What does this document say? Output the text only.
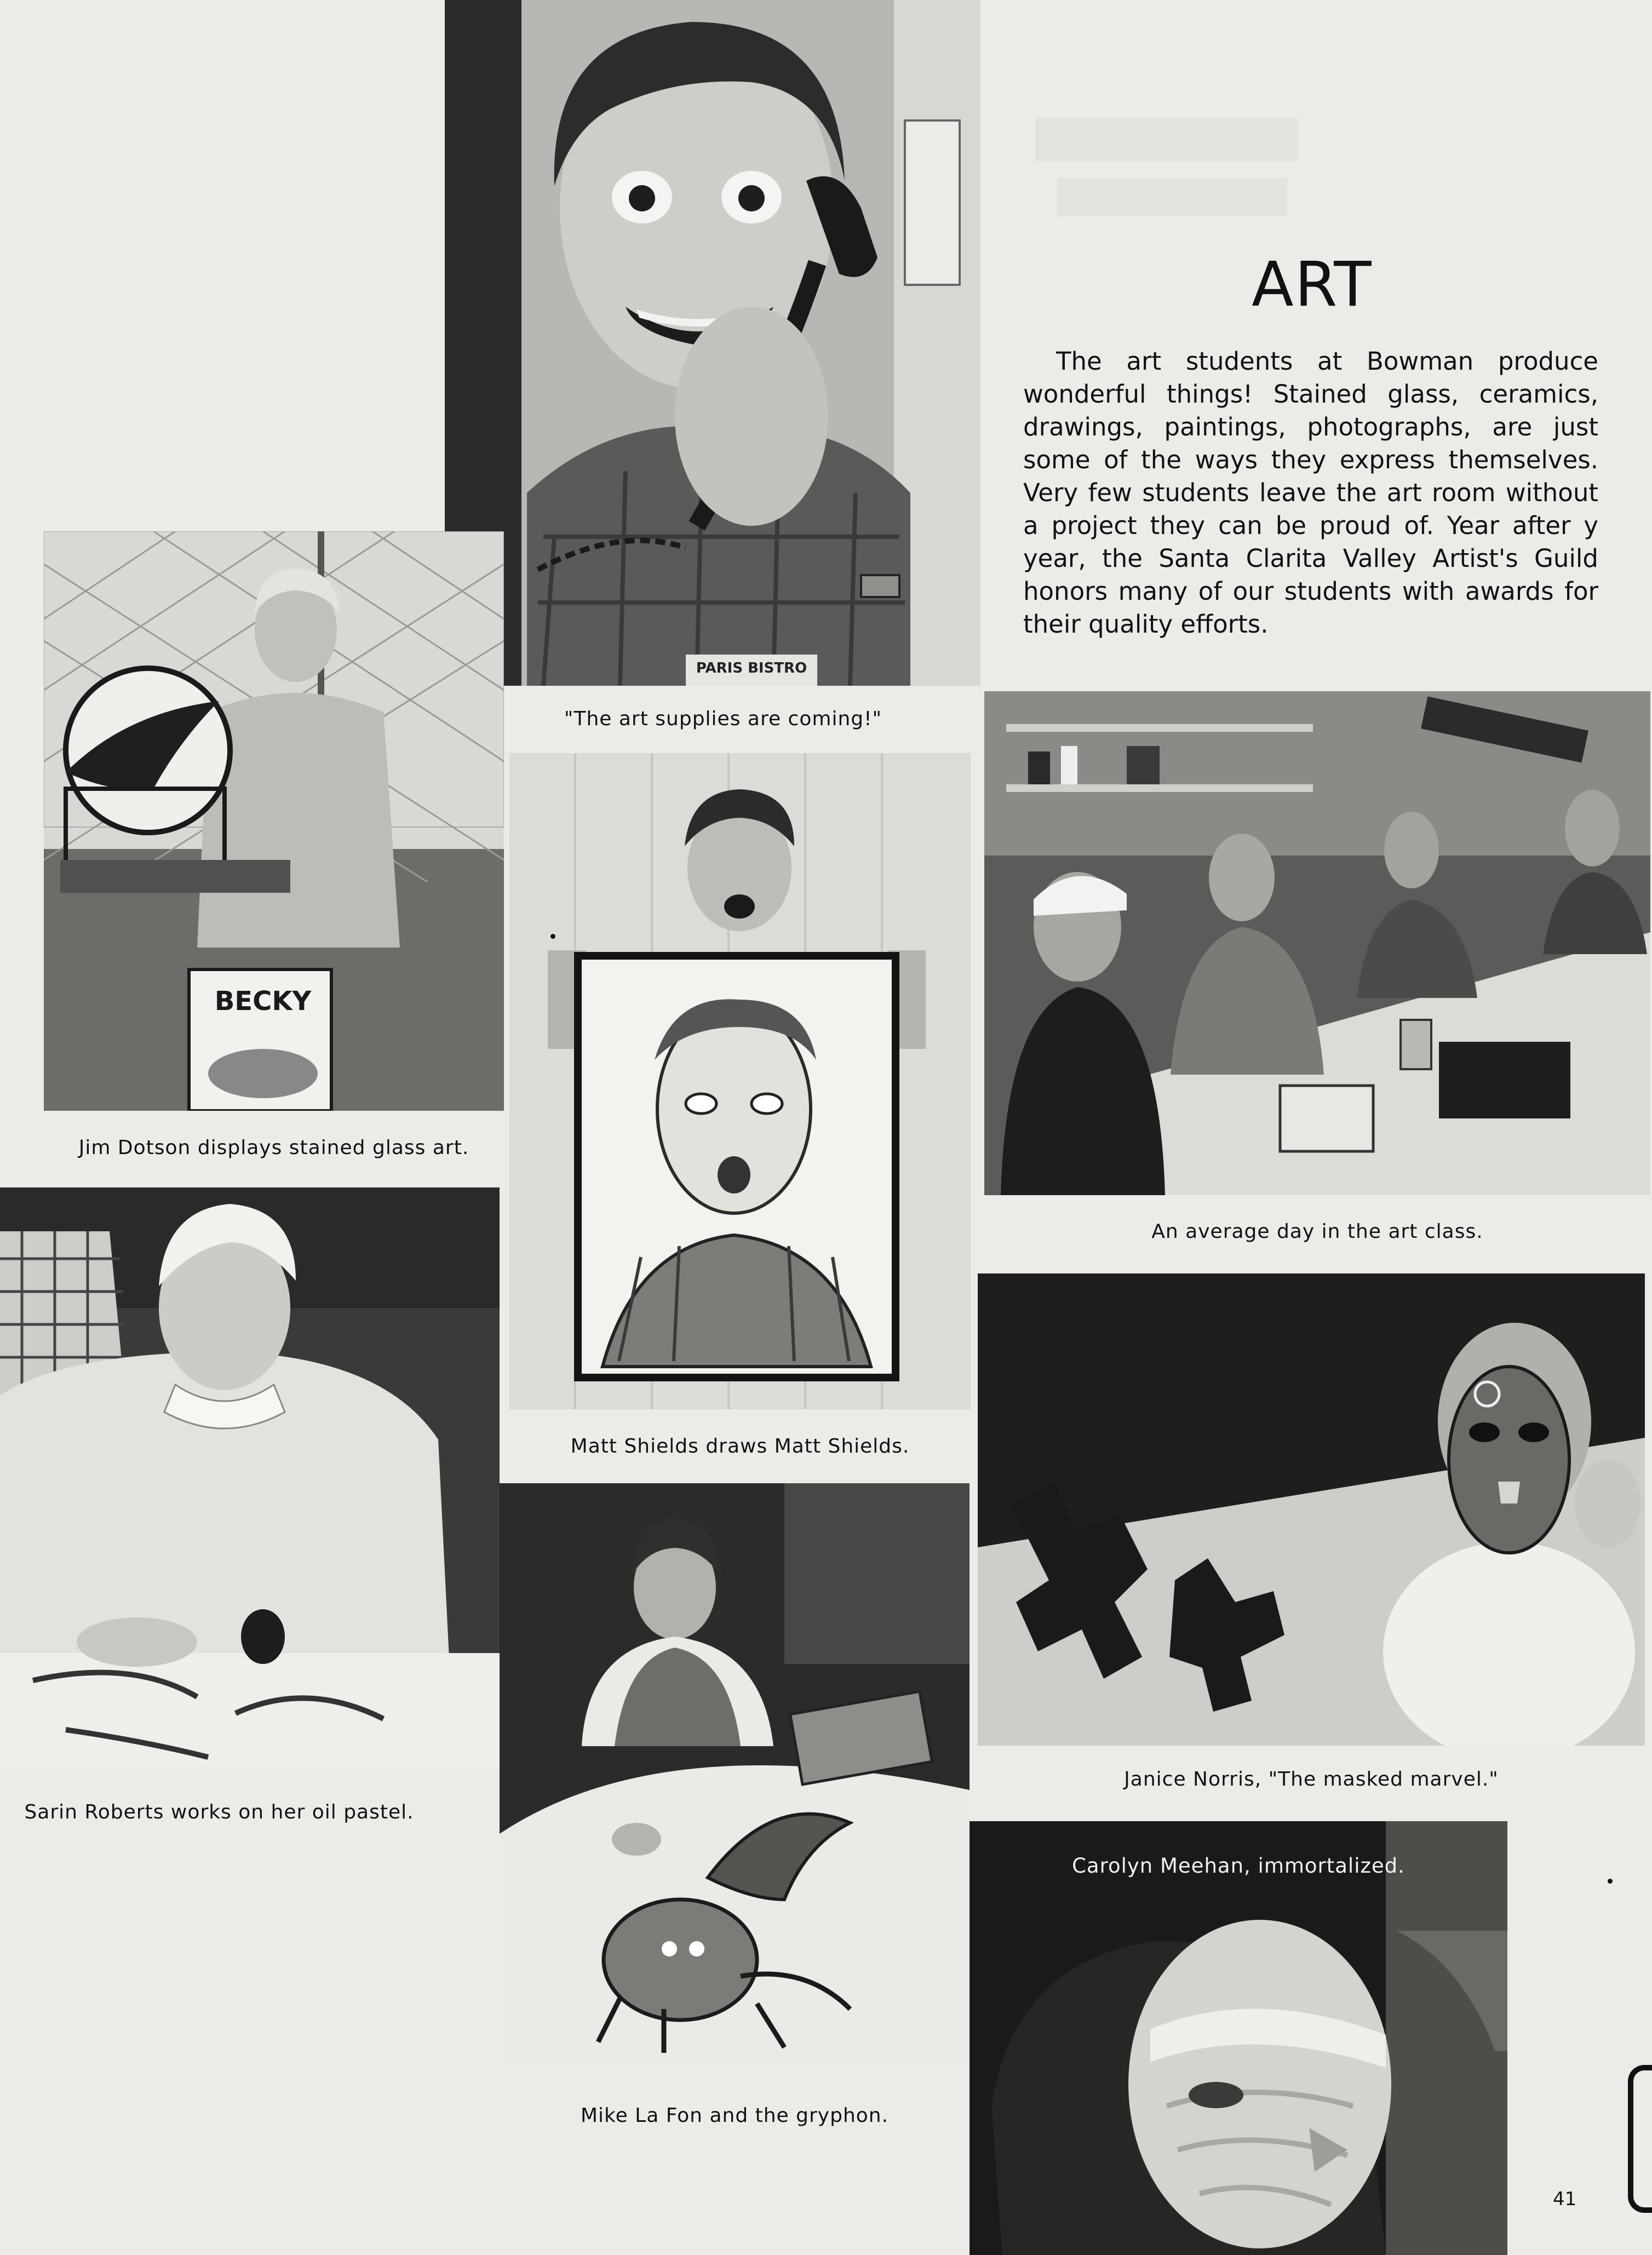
PARIS BISTRO
BECKY
Carolyn Meehan, immortalized.
ART
The art students at Bowman produce wonderful things! Stained glass, ceramics, drawings, paintings, photographs, are just some of the ways they express themselves. Very few students leave the art room without a project they can be proud of. Year after y year, the Santa Clarita Valley Artist's Guild honors many of our students with awards for their quality efforts.
"The art supplies are coming!"
Jim Dotson displays stained glass art.
Matt Shields draws Matt Shields.
An average day in the art class.
Sarin Roberts works on her oil pastel.
Janice Norris, "The masked marvel."
Mike La Fon and the gryphon.
41
